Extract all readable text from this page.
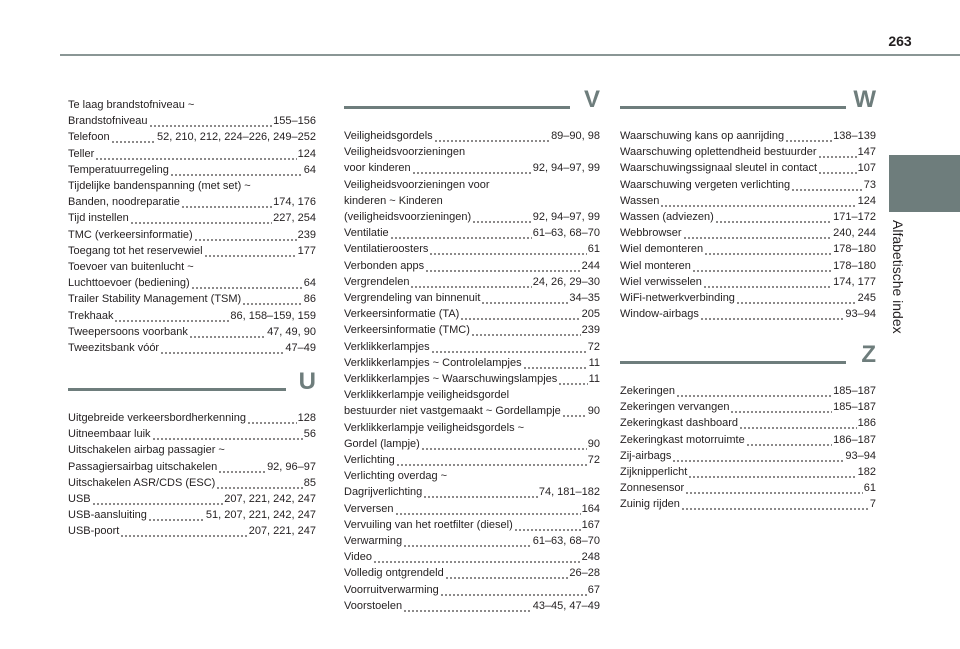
263
Alfabetische index
Te laag brandstofniveau ~
Brandstofniveau	155–156
Telefoon	52, 210, 212, 224–226, 249–252
Teller	124
Temperatuurregeling	64
Tijdelijke bandenspanning (met set) ~
Banden, noodreparatie	174, 176
Tijd instellen	227, 254
TMC (verkeersinformatie)	239
Toegang tot het reservewiel	177
Toevoer van buitenlucht ~
Luchttoevoer (bediening)	64
Trailer Stability Management (TSM)	86
Trekhaak	86, 158–159, 159
Tweepersoons voorbank	47, 49, 90
Tweezitsbank vóór	47–49
U
Uitgebreide verkeersbordherkenning	128
Uitneembaar luik	56
Uitschakelen airbag passagier ~
Passagiersairbag uitschakelen	92, 96–97
Uitschakelen ASR/CDS (ESC)	85
USB	207, 221, 242, 247
USB-aansluiting	51, 207, 221, 242, 247
USB-poort	207, 221, 247
V
Veiligheidsgordels	89–90, 98
Veiligheidsvoorzieningen
voor kinderen	92, 94–97, 99
Veiligheidsvoorzieningen voor
kinderen ~ Kinderen
(veiligheidsvoorzieningen)	92, 94–97, 99
Ventilatie	61–63, 68–70
Ventilatieroosters	61
Verbonden apps	244
Vergrendelen	24, 26, 29–30
Vergrendeling van binnenuit	34–35
Verkeersinformatie (TA)	205
Verkeersinformatie (TMC)	239
Verklikkerlampjes	72
Verklikkerlampjes ~ Controlelampjes	11
Verklikkerlampjes ~ Waarschuwingslampjes	11
Verklikkerlampje veiligheidsgordel
bestuurder niet vastgemaakt ~ Gordellampje 90
Verklikkerlampje veiligheidsgordels ~
Gordel (lampje)	90
Verlichting	72
Verlichting overdag ~
Dagrijverlichting	74, 181–182
Verversen	164
Vervuiling van het roetfilter (diesel)	167
Verwarming	61–63, 68–70
Video	248
Volledig ontgrendeld	26–28
Voorruitverwarming	67
Voorstoelen	43–45, 47–49
W
Waarschuwing kans op aanrijding	138–139
Waarschuwing oplettendheid bestuurder	147
Waarschuwingssignaal sleutel in contact	107
Waarschuwing vergeten verlichting	73
Wassen	124
Wassen (adviezen)	171–172
Webbrowser	240, 244
Wiel demonteren	178–180
Wiel monteren	178–180
Wiel verwisselen	174, 177
WiFi-netwerkverbinding	245
Window-airbags	93–94
Z
Zekeringen	185–187
Zekeringen vervangen	185–187
Zekeringkast dashboard	186
Zekeringkast motorruimte	186–187
Zij-airbags	93–94
Zijknipperlicht	182
Zonnesensor	61
Zuinig rijden	7
